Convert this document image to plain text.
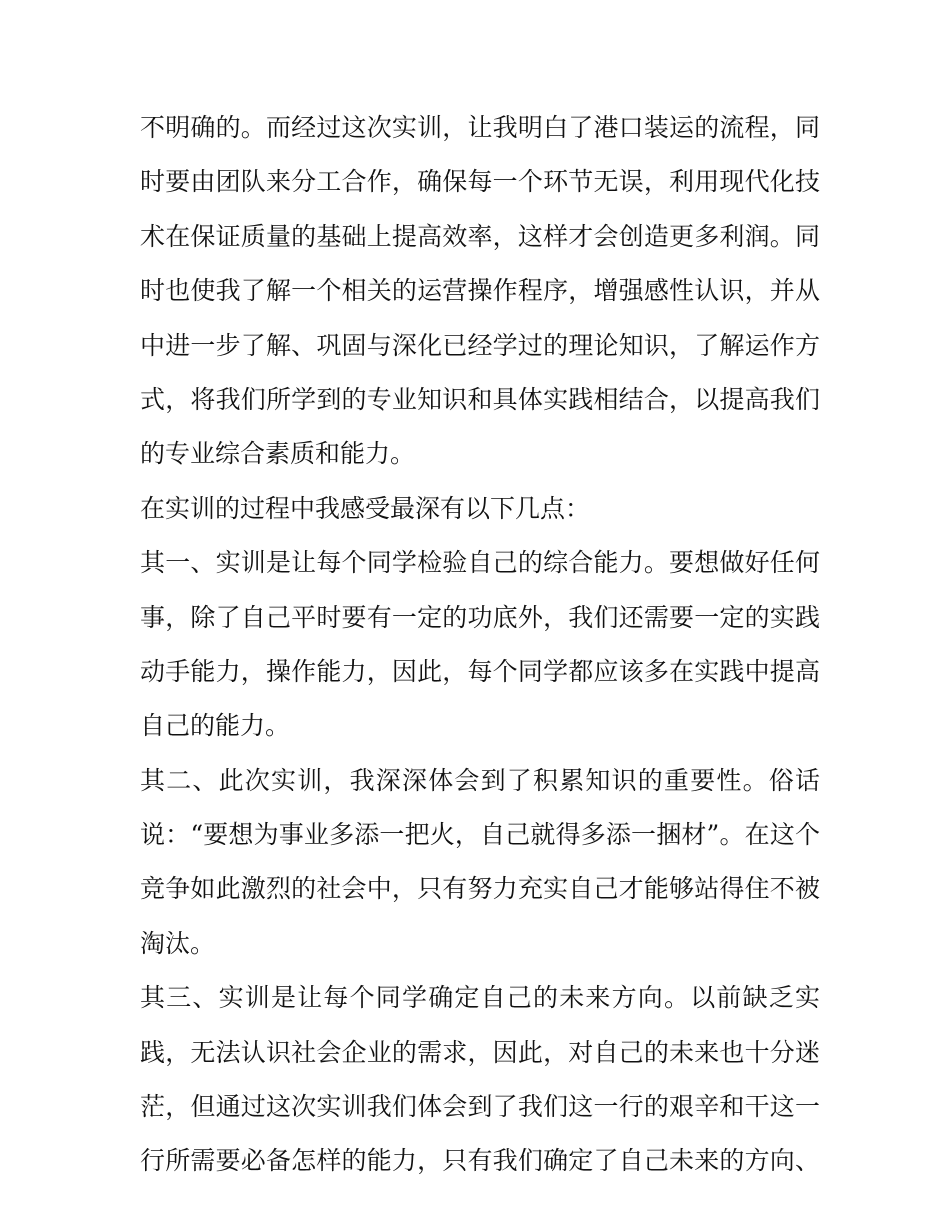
不明确的。而经过这次实训，让我明白了港口装运的流程，同
时要由团队来分工合作，确保每一个环节无误，利用现代化技
术在保证质量的基础上提高效率，这样才会创造更多利润。同
时也使我了解一个相关的运营操作程序，增强感性认识，并从
中进一步了解、巩固与深化已经学过的理论知识，了解运作方
式，将我们所学到的专业知识和具体实践相结合，以提高我们
的专业综合素质和能力。
在实训的过程中我感受最深有以下几点：
其一、实训是让每个同学检验自己的综合能力。要想做好任何
事，除了自己平时要有一定的功底外，我们还需要一定的实践
动手能力，操作能力，因此，每个同学都应该多在实践中提高
自己的能力。
其二、此次实训，我深深体会到了积累知识的重要性。俗话
说：“要想为事业多添一把火，自己就得多添一捆材”。在这个
竞争如此激烈的社会中，只有努力充实自己才能够站得住不被
淘汰。
其三、实训是让每个同学确定自己的未来方向。以前缺乏实
践，无法认识社会企业的需求，因此，对自己的未来也十分迷
茫，但通过这次实训我们体会到了我们这一行的艰辛和干这一
行所需要必备怎样的能力，只有我们确定了自己未来的方向、
